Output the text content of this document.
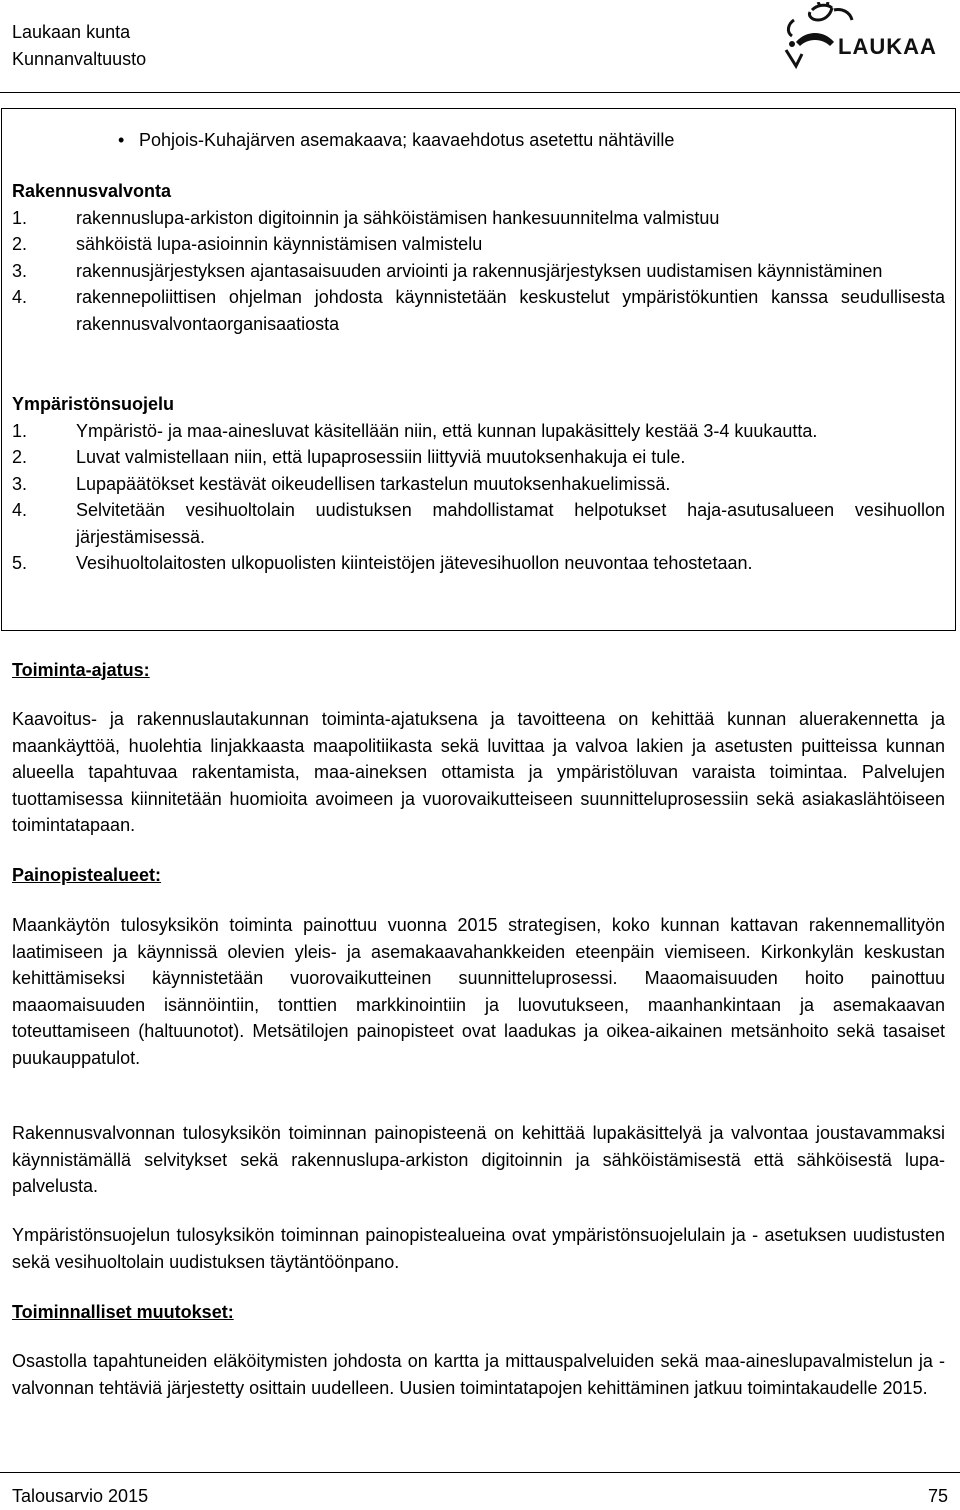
Laukaan kunta
Kunnanvaltuusto	LAUKAA
• Pohjois-Kuhajärven asemakaava; kaavaehdotus asetettu nähtäville
Rakennusvalvonta
1.	rakennuslupa-arkiston digitoinnin ja sähköistämisen hankesuunnitelma valmistuu
2.	sähköistä lupa-asioinnin käynnistämisen valmistelu
3.	rakennusjärjestyksen ajantasaisuuden arviointi ja rakennusjärjestyksen uudistamisen käynnistäminen
4.	rakennepoliittisen ohjelman johdosta käynnistetään keskustelut ympäristökuntien kanssa seudullisesta rakennusvalvontaorganisaatiosta
Ympäristönsuojelu
1.	Ympäristö- ja maa-ainesluvat käsitellään niin, että kunnan lupakäsittely kestää 3-4 kuukautta.
2.	Luvat valmistellaan niin, että lupaprosessiin liittyviä muutoksenhakuja ei tule.
3.	Lupapäätökset kestävät oikeudellisen tarkastelun muutoksenhakuelimissä.
4.	Selvitetään vesihuoltolain uudistuksen mahdollistamat helpotukset haja-asutusalueen vesihuollon järjestämisessä.
5.	Vesihuoltolaitosten ulkopuolisten kiinteistöjen jätevesihuollon neuvontaa tehostetaan.
Toiminta-ajatus:
Kaavoitus- ja rakennuslautakunnan toiminta-ajatuksena ja tavoitteena on kehittää kunnan aluerakennetta ja maankäyttöä, huolehtia linjakkaasta maapolitiikasta sekä luvittaa ja valvoa lakien ja asetusten puitteissa kunnan alueella tapahtuvaa rakentamista, maa-aineksen ottamista ja ympäristöluvan varaista toimintaa. Palvelujen tuottamisessa kiinnitetään huomioita avoimeen ja vuorovaikutteiseen suunnitteluprosessiin sekä asiakaslähtöiseen toimintatapaan.
Painopistealueet:
Maankäytön tulosyksikön toiminta painottuu vuonna 2015 strategisen, koko kunnan kattavan rakennemallityön laatimiseen ja käynnissä olevien yleis- ja asemakaavahankkeiden eteenpäin viemiseen. Kirkonkylän keskustan kehittämiseksi käynnistetään vuorovaikutteinen suunnitteluprosessi. Maaomaisuuden hoito painottuu maaomaisuuden isännöintiin, tonttien markkinointiin ja luovutukseen, maanhankintaan ja asemakaavan toteuttamiseen (haltuunotot). Metsätilojen painopisteet ovat laadukas ja oikea-aikainen metsänhoito sekä tasaiset puukauppatulot.
Rakennusvalvonnan tulosyksikön toiminnan painopisteenä on kehittää lupakäsittelyä ja valvontaa joustavammaksi käynnistämällä selvitykset sekä rakennuslupa-arkiston digitoinnin ja sähköistämisestä että sähköisestä lupa-palvelusta.
Ympäristönsuojelun tulosyksikön toiminnan painopistealueina ovat ympäristönsuojelulain ja - asetuksen uudistusten sekä vesihuoltolain uudistuksen täytäntöönpano.
Toiminnalliset muutokset:
Osastolla tapahtuneiden eläköitymisten johdosta on kartta ja mittauspalveluiden sekä maa-aineslupavalmistelun ja -valvonnan tehtäviä järjestetty osittain uudelleen. Uusien toimintatapojen kehittäminen jatkuu toimintakaudelle 2015.
Talousarvio 2015	75
